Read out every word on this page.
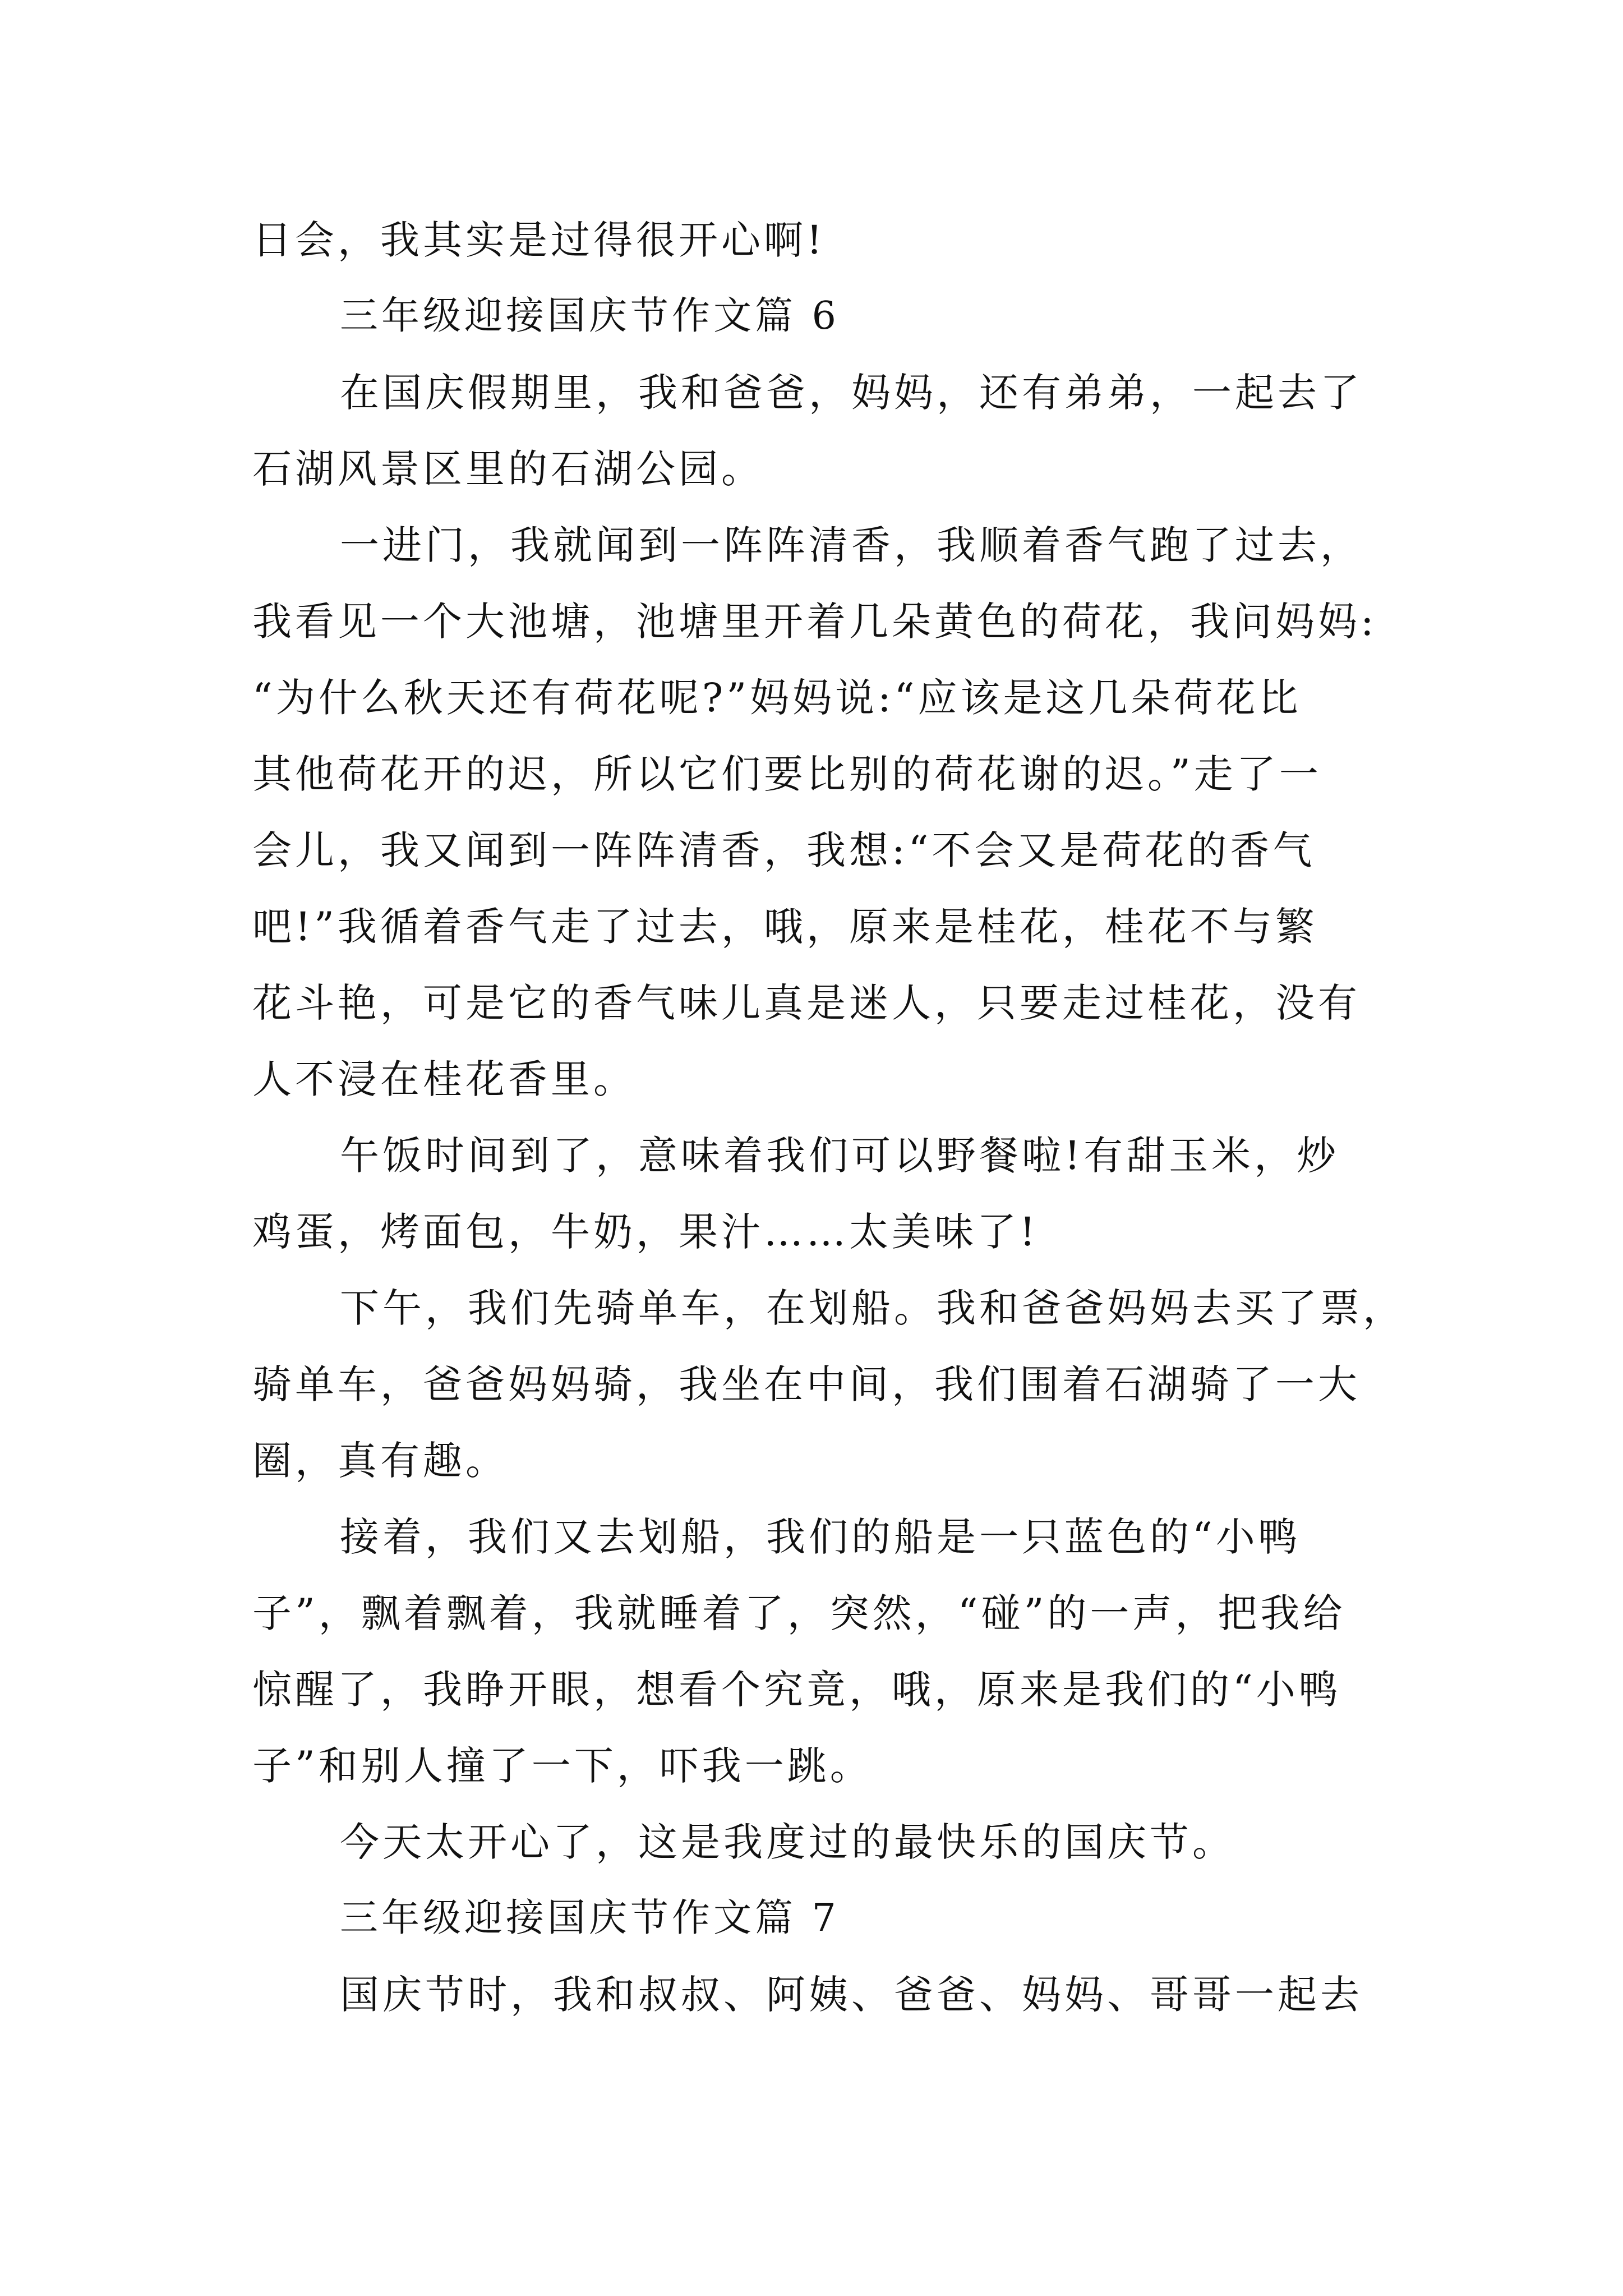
日会，我其实是过得很开心啊!
三年级迎接国庆节作文篇 6
在国庆假期里，我和爸爸，妈妈，还有弟弟，一起去了
石湖风景区里的石湖公园。
一进门，我就闻到一阵阵清香，我顺着香气跑了过去，
我看见一个大池塘，池塘里开着几朵黄色的荷花，我问妈妈:
“为什么秋天还有荷花呢?”妈妈说:“应该是这几朵荷花比
其他荷花开的迟，所以它们要比别的荷花谢的迟。”走了一
会儿，我又闻到一阵阵清香，我想:“不会又是荷花的香气
吧!”我循着香气走了过去，哦，原来是桂花，桂花不与繁
花斗艳，可是它的香气味儿真是迷人，只要走过桂花，没有
人不浸在桂花香里。
午饭时间到了，意味着我们可以野餐啦!有甜玉米，炒
鸡蛋，烤面包，牛奶，果汁……太美味了!
下午，我们先骑单车，在划船。我和爸爸妈妈去买了票，
骑单车，爸爸妈妈骑，我坐在中间，我们围着石湖骑了一大
圈，真有趣。
接着，我们又去划船，我们的船是一只蓝色的“小鸭
子”，飘着飘着，我就睡着了，突然，“碰”的一声，把我给
惊醒了，我睁开眼，想看个究竟，哦，原来是我们的“小鸭
子”和别人撞了一下，吓我一跳。
今天太开心了，这是我度过的最快乐的国庆节。
三年级迎接国庆节作文篇 7
国庆节时，我和叔叔、阿姨、爸爸、妈妈、哥哥一起去
